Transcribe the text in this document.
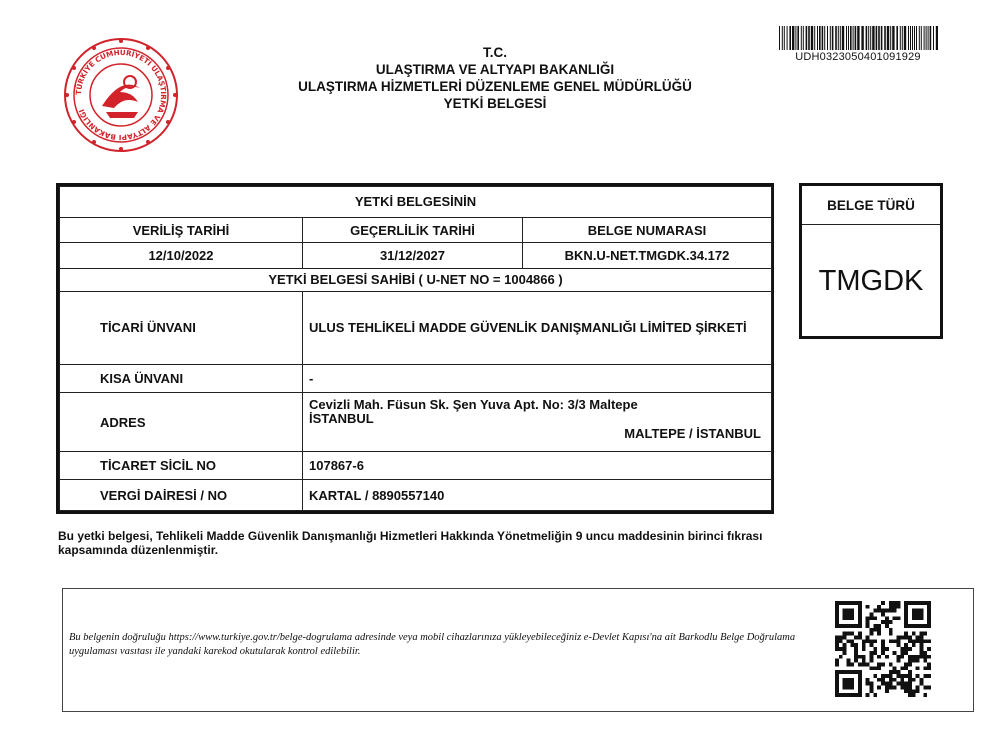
TÜRKİYE CUMHURİYETİ ULAŞTIRMA VE ALTYAPI BAKANLIĞI
T.C.
ULAŞTIRMA VE ALTYAPI BAKANLIĞI
ULAŞTIRMA HİZMETLERİ DÜZENLEME GENEL MÜDÜRLÜĞÜ
YETKİ BELGESİ
UDH0323050401091929
YETKİ BELGESİNİN		
VERİLİŞ TARİHİ	GEÇERLİLİK TARİHİ	BELGE NUMARASI
12/10/2022	31/12/2027	BKN.U-NET.TMGDK.34.172
YETKİ BELGESİ SAHİBİ ( U-NET NO = 1004866 )		
TİCARİ ÜNVANI	ULUS TEHLİKELİ MADDE GÜVENLİK DANIŞMANLIĞI LİMİTED ŞİRKETİ	
KISA ÜNVANI	-	
ADRES	Cevizli Mah. Füsun Sk. Şen Yuva Apt. No: 3/3 Maltepe
İSTANBUL
MALTEPE / İSTANBUL	

TİCARET SİCİL NO	107867-6	
VERGİ DAİRESİ / NO	KARTAL / 8890557140	
BELGE TÜRÜ
TMGDK
Bu yetki belgesi, Tehlikeli Madde Güvenlik Danışmanlığı Hizmetleri Hakkında Yönetmeliğin 9 uncu maddesinin birinci fıkrası kapsamında düzenlenmiştir.
Bu belgenin doğruluğu https://www.turkiye.gov.tr/belge-dogrulama adresinde veya mobil cihazlarınıza yükleyebileceğiniz e-Devlet Kapısı'na ait Barkodlu Belge Doğrulama uygulaması vasıtası ile yandaki karekod okutularak kontrol edilebilir.
